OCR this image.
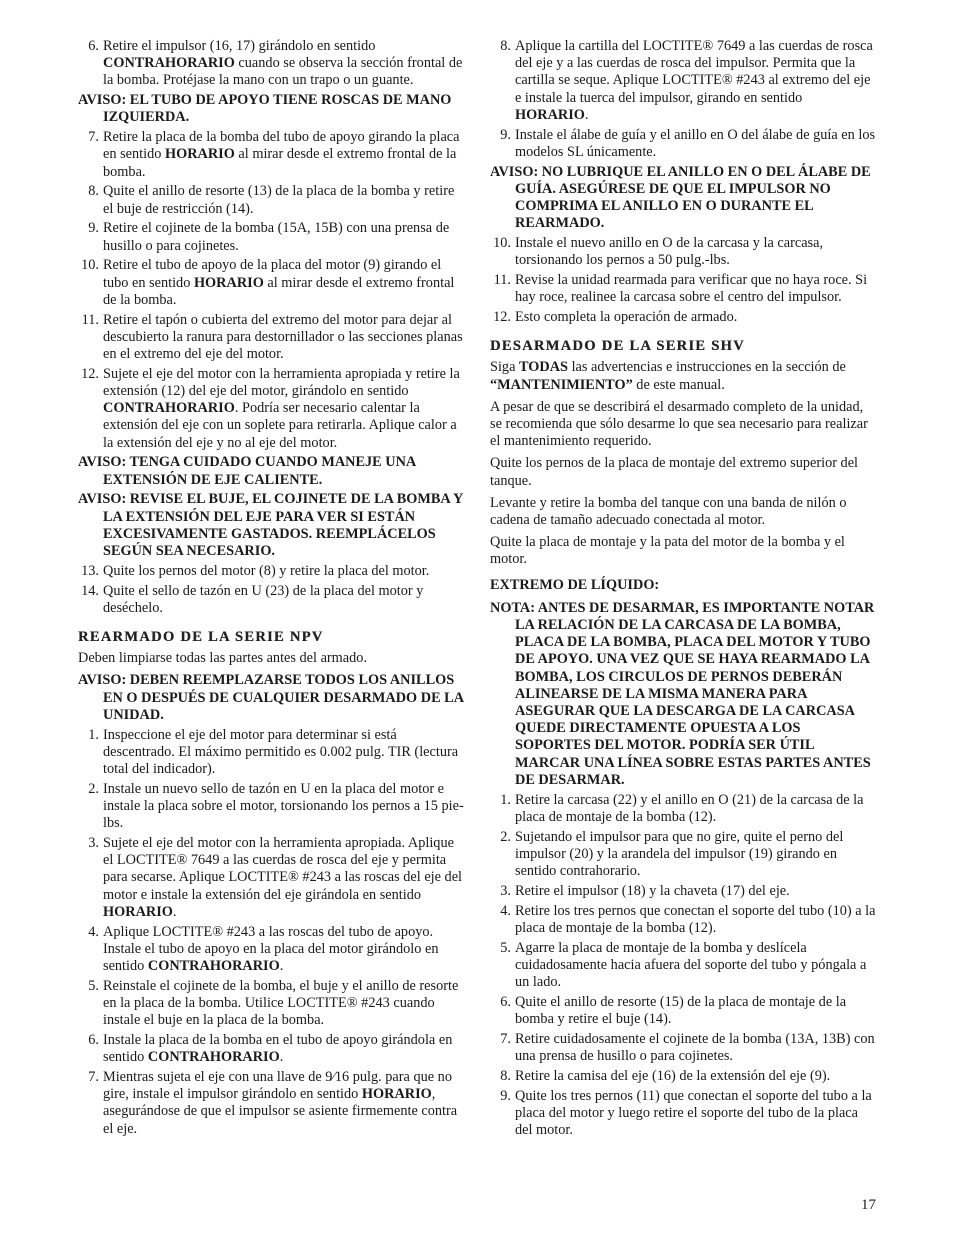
6. Retire el impulsor (16, 17) girándolo en sentido CONTRAHORARIO cuando se observa la sección frontal de la bomba. Protéjase la mano con un trapo o un guante.
AVISO: EL TUBO DE APOYO TIENE ROSCAS DE MANO IZQUIERDA.
7. Retire la placa de la bomba del tubo de apoyo girando la placa en sentido HORARIO al mirar desde el extremo frontal de la bomba.
8. Quite el anillo de resorte (13) de la placa de la bomba y retire el buje de restricción (14).
9. Retire el cojinete de la bomba (15A, 15B) con una prensa de husillo o para cojinetes.
10. Retire el tubo de apoyo de la placa del motor (9) girando el tubo en sentido HORARIO al mirar desde el extremo frontal de la bomba.
11. Retire el tapón o cubierta del extremo del motor para dejar al descubierto la ranura para destornillador o las secciones planas en el extremo del eje del motor.
12. Sujete el eje del motor con la herramienta apropiada y retire la extensión (12) del eje del motor, girándolo en sentido CONTRAHORARIO. Podría ser necesario calentar la extensión del eje con un soplete para retirarla. Aplique calor a la extensión del eje y no al eje del motor.
AVISO: TENGA CUIDADO CUANDO MANEJE UNA EXTENSIÓN DE EJE CALIENTE.
AVISO: REVISE EL BUJE, EL COJINETE DE LA BOMBA Y LA EXTENSIÓN DEL EJE PARA VER SI ESTÁN EXCESIVAMENTE GASTADOS. REEMPLÁCELOS SEGÚN SEA NECESARIO.
13. Quite los pernos del motor (8) y retire la placa del motor.
14. Quite el sello de tazón en U (23) de la placa del motor y deséchelo.
REARMADO DE LA SERIE NPV
Deben limpiarse todas las partes antes del armado.
AVISO: DEBEN REEMPLAZARSE TODOS LOS ANILLOS EN O DESPUÉS DE CUALQUIER DESARMADO DE LA UNIDAD.
1. Inspeccione el eje del motor para determinar si está descentrado. El máximo permitido es 0.002 pulg. TIR (lectura total del indicador).
2. Instale un nuevo sello de tazón en U en la placa del motor e instale la placa sobre el motor, torsionando los pernos a 15 pie-lbs.
3. Sujete el eje del motor con la herramienta apropiada. Aplique el LOCTITE® 7649 a las cuerdas de rosca del eje y permita para secarse. Aplique LOCTITE® #243 a las roscas del eje del motor e instale la extensión del eje girándola en sentido HORARIO.
4. Aplique LOCTITE® #243 a las roscas del tubo de apoyo. Instale el tubo de apoyo en la placa del motor girándolo en sentido CONTRAHORARIO.
5. Reinstale el cojinete de la bomba, el buje y el anillo de resorte en la placa de la bomba. Utilice LOCTITE® #243 cuando instale el buje en la placa de la bomba.
6. Instale la placa de la bomba en el tubo de apoyo girándola en sentido CONTRAHORARIO.
7. Mientras sujeta el eje con una llave de 9⁄16 pulg. para que no gire, instale el impulsor girándolo en sentido HORARIO, asegurándose de que el impulsor se asiente firmemente contra el eje.
8. Aplique la cartilla del LOCTITE® 7649 a las cuerdas de rosca del eje y a las cuerdas de rosca del impulsor. Permita que la cartilla se seque. Aplique LOCTITE® #243 al extremo del eje e instale la tuerca del impulsor, girando en sentido HORARIO.
9. Instale el álabe de guía y el anillo en O del álabe de guía en los modelos SL únicamente.
AVISO: NO LUBRIQUE EL ANILLO EN O DEL ÁLABE DE GUÍA. ASEGÚRESE DE QUE EL IMPULSOR NO COMPRIMA EL ANILLO EN O DURANTE EL REARMADO.
10. Instale el nuevo anillo en O de la carcasa y la carcasa, torsionando los pernos a 50 pulg.-lbs.
11. Revise la unidad rearmada para verificar que no haya roce. Si hay roce, realinee la carcasa sobre el centro del impulsor.
12. Esto completa la operación de armado.
DESARMADO DE LA SERIE SHV
Siga TODAS las advertencias e instrucciones en la sección de “MANTENIMIENTO” de este manual.
A pesar de que se describirá el desarmado completo de la unidad, se recomienda que sólo desarme lo que sea necesario para realizar el mantenimiento requerido.
Quite los pernos de la placa de montaje del extremo superior del tanque.
Levante y retire la bomba del tanque con una banda de nilón o cadena de tamaño adecuado conectada al motor.
Quite la placa de montaje y la pata del motor de la bomba y el motor.
EXTREMO DE LÍQUIDO:
NOTA: ANTES DE DESARMAR, ES IMPORTANTE NOTAR LA RELACIÓN DE LA CARCASA DE LA BOMBA, PLACA DE LA BOMBA, PLACA DEL MOTOR Y TUBO DE APOYO. UNA VEZ QUE SE HAYA REARMADO LA BOMBA, LOS CIRCULOS DE PERNOS DEBERÁN ALINEARSE DE LA MISMA MANERA PARA ASEGURAR QUE LA DESCARGA DE LA CARCASA QUEDE DIRECTAMENTE OPUESTA A LOS SOPORTES DEL MOTOR. PODRÍA SER ÚTIL MARCAR UNA LÍNEA SOBRE ESTAS PARTES ANTES DE DESARMAR.
1. Retire la carcasa (22) y el anillo en O (21) de la carcasa de la placa de montaje de la bomba (12).
2. Sujetando el impulsor para que no gire, quite el perno del impulsor (20) y la arandela del impulsor (19) girando en sentido contrahorario.
3. Retire el impulsor (18) y la chaveta (17) del eje.
4. Retire los tres pernos que conectan el soporte del tubo (10) a la placa de montaje de la bomba (12).
5. Agarre la placa de montaje de la bomba y deslícela cuidadosamente hacia afuera del soporte del tubo y póngala a un lado.
6. Quite el anillo de resorte (15) de la placa de montaje de la bomba y retire el buje (14).
7. Retire cuidadosamente el cojinete de la bomba (13A, 13B) con una prensa de husillo o para cojinetes.
8. Retire la camisa del eje (16) de la extensión del eje (9).
9. Quite los tres pernos (11) que conectan el soporte del tubo a la placa del motor y luego retire el soporte del tubo de la placa del motor.
17
